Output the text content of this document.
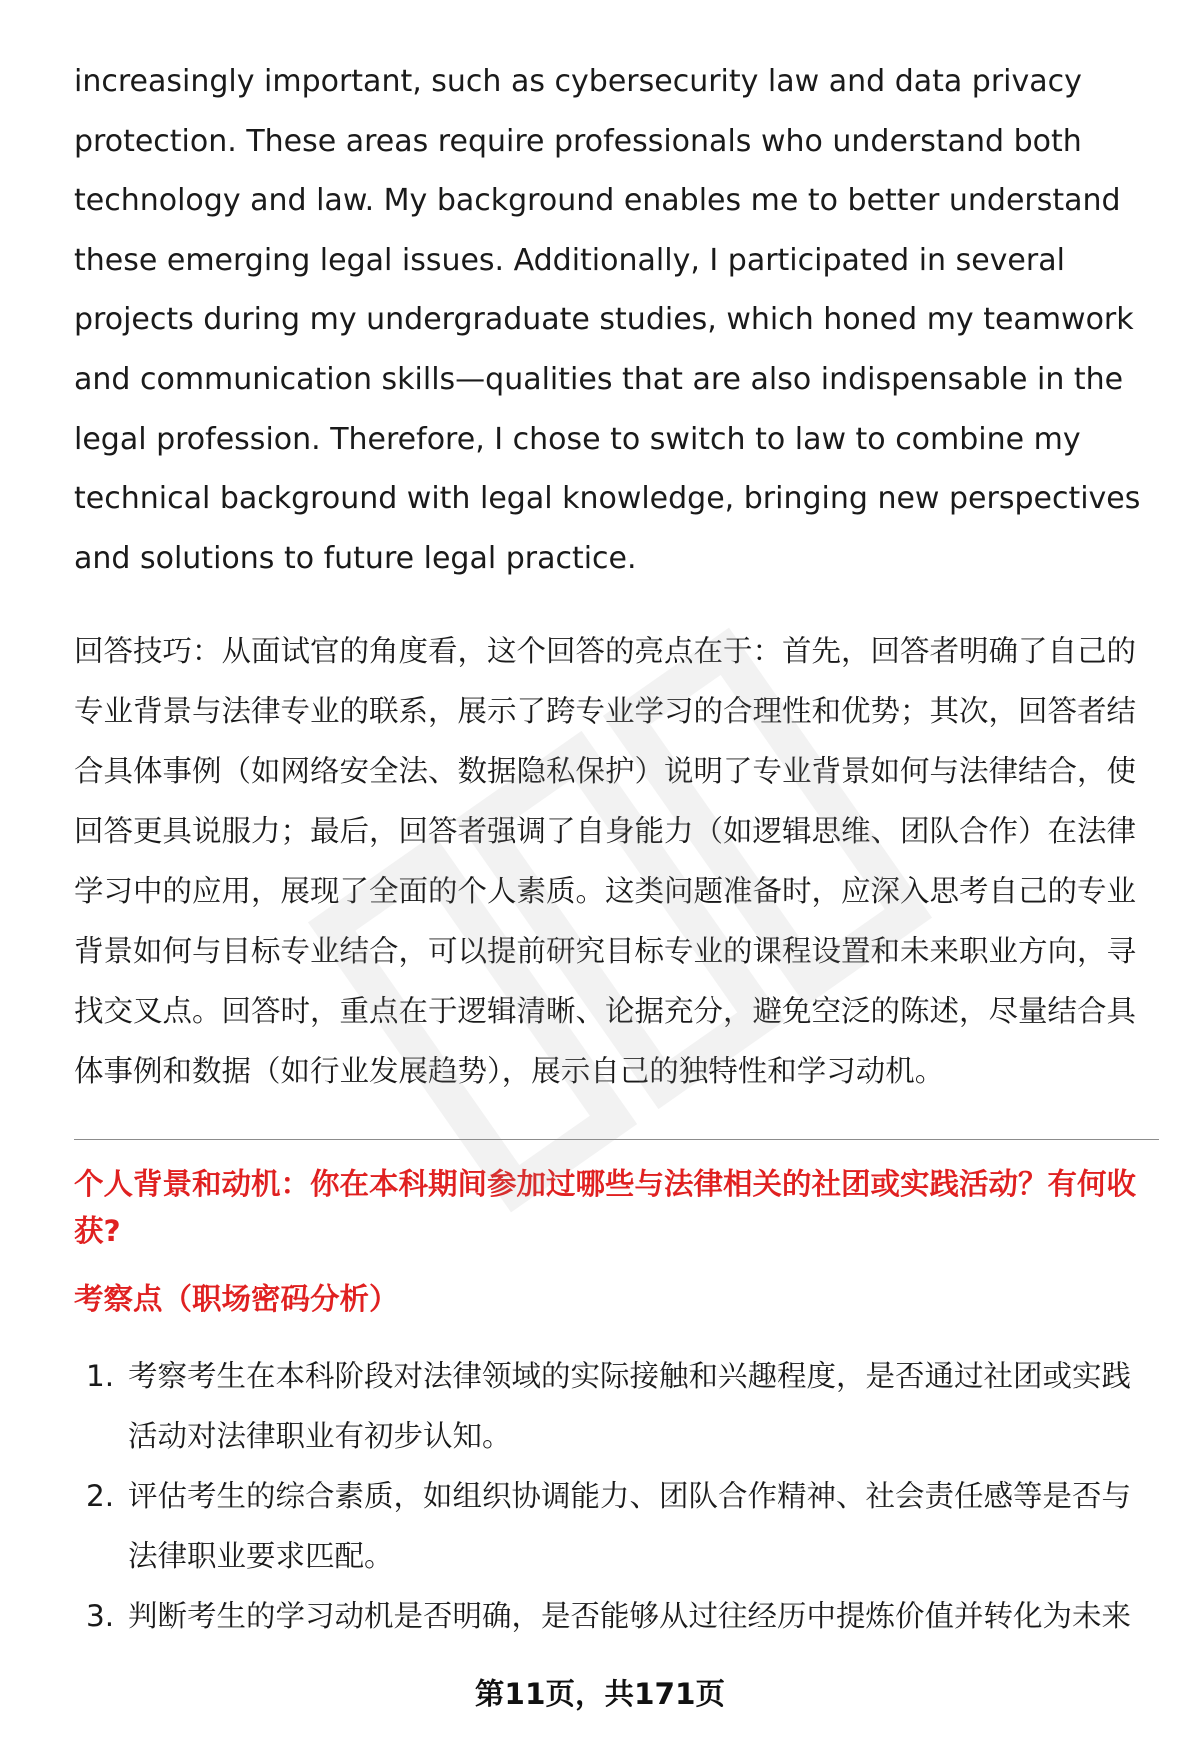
increasingly important, such as cybersecurity law and data privacy protection. These areas require professionals who understand both technology and law. My background enables me to better understand these emerging legal issues. Additionally, I participated in several projects during my undergraduate studies, which honed my teamwork and communication skills—qualities that are also indispensable in the legal profession. Therefore, I chose to switch to law to combine my technical background with legal knowledge, bringing new perspectives and solutions to future legal practice.

回答技巧：从面试官的角度看，这个回答的亮点在于：首先，回答者明确了自己的专业背景与法律专业的联系，展示了跨专业学习的合理性和优势；其次，回答者结合具体事例（如网络安全法、数据隐私保护）说明了专业背景如何与法律结合，使回答更具说服力；最后，回答者强调了自身能力（如逻辑思维、团队合作）在法律学习中的应用，展现了全面的个人素质。这类问题准备时，应深入思考自己的专业背景如何与目标专业结合，可以提前研究目标专业的课程设置和未来职业方向，寻找交叉点。回答时，重点在于逻辑清晰、论据充分，避免空泛的陈述，尽量结合具体事例和数据（如行业发展趋势），展示自己的独特性和学习动机。

个人背景和动机：你在本科期间参加过哪些与法律相关的社团或实践活动？有何收获?
考察点（职场密码分析）
1. 考察考生在本科阶段对法律领域的实际接触和兴趣程度，是否通过社团或实践活动对法律职业有初步认知。
2. 评估考生的综合素质，如组织协调能力、团队合作精神、社会责任感等是否与法律职业要求匹配。
3. 判断考生的学习动机是否明确，是否能够从过往经历中提炼价值并转化为未来
第11页，共171页
